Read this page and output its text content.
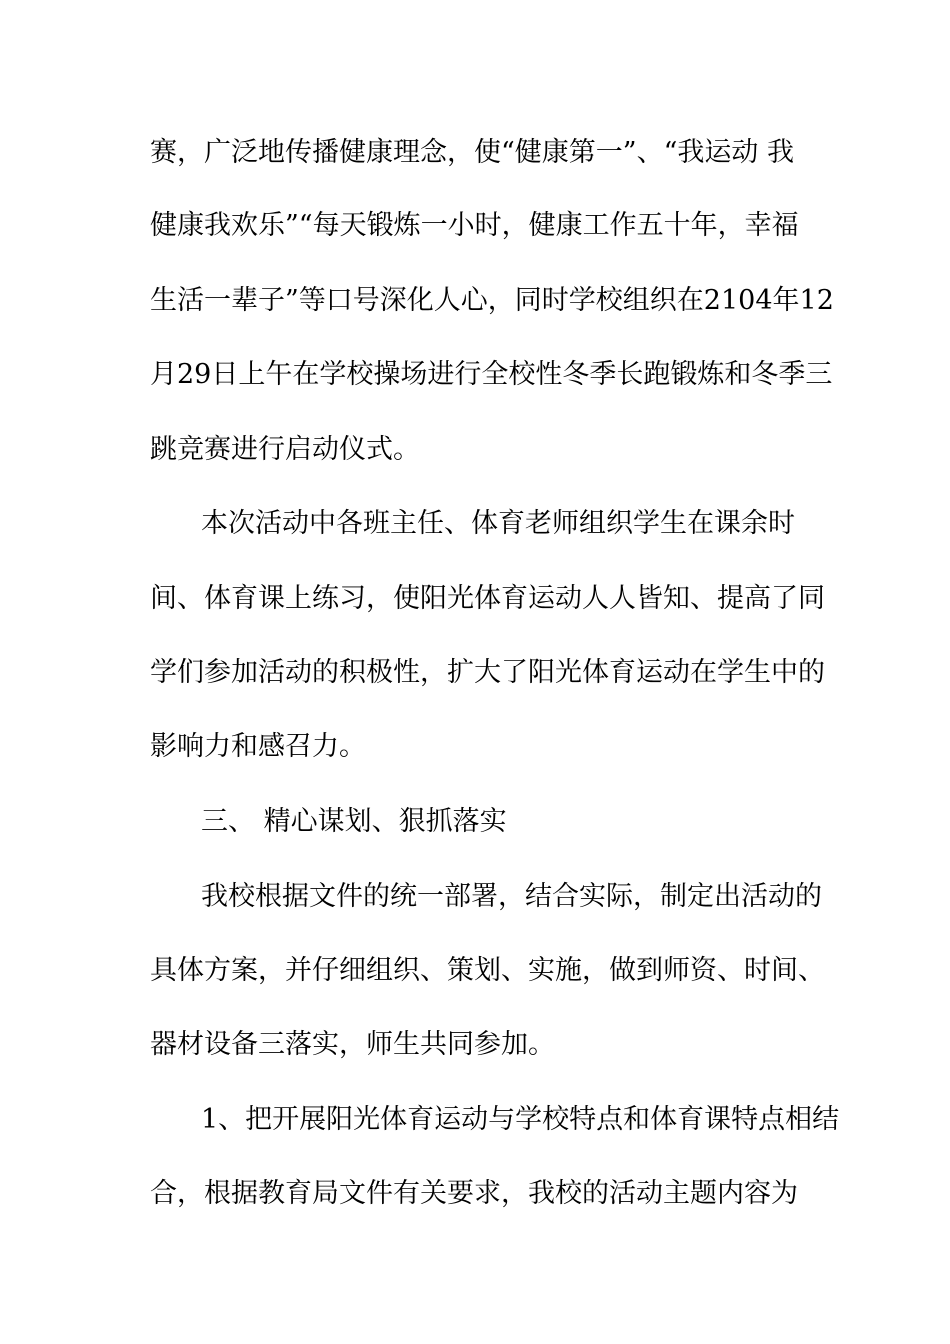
赛，广泛地传播健康理念，使“健康第一”、“我运动 我
健康我欢乐”“每天锻炼一小时，健康工作五十年，幸福
生活一辈子”等口号深化人心，同时学校组织在2104年12
月29日上午在学校操场进行全校性冬季长跑锻炼和冬季三
跳竞赛进行启动仪式。
本次活动中各班主任、体育老师组织学生在课余时
间、体育课上练习，使阳光体育运动人人皆知、提高了同
学们参加活动的积极性，扩大了阳光体育运动在学生中的
影响力和感召力。
三、 精心谋划、狠抓落实
我校根据文件的统一部署，结合实际，制定出活动的
具体方案，并仔细组织、策划、实施，做到师资、时间、
器材设备三落实，师生共同参加。
1、把开展阳光体育运动与学校特点和体育课特点相结
合，根据教育局文件有关要求，我校的活动主题内容为
